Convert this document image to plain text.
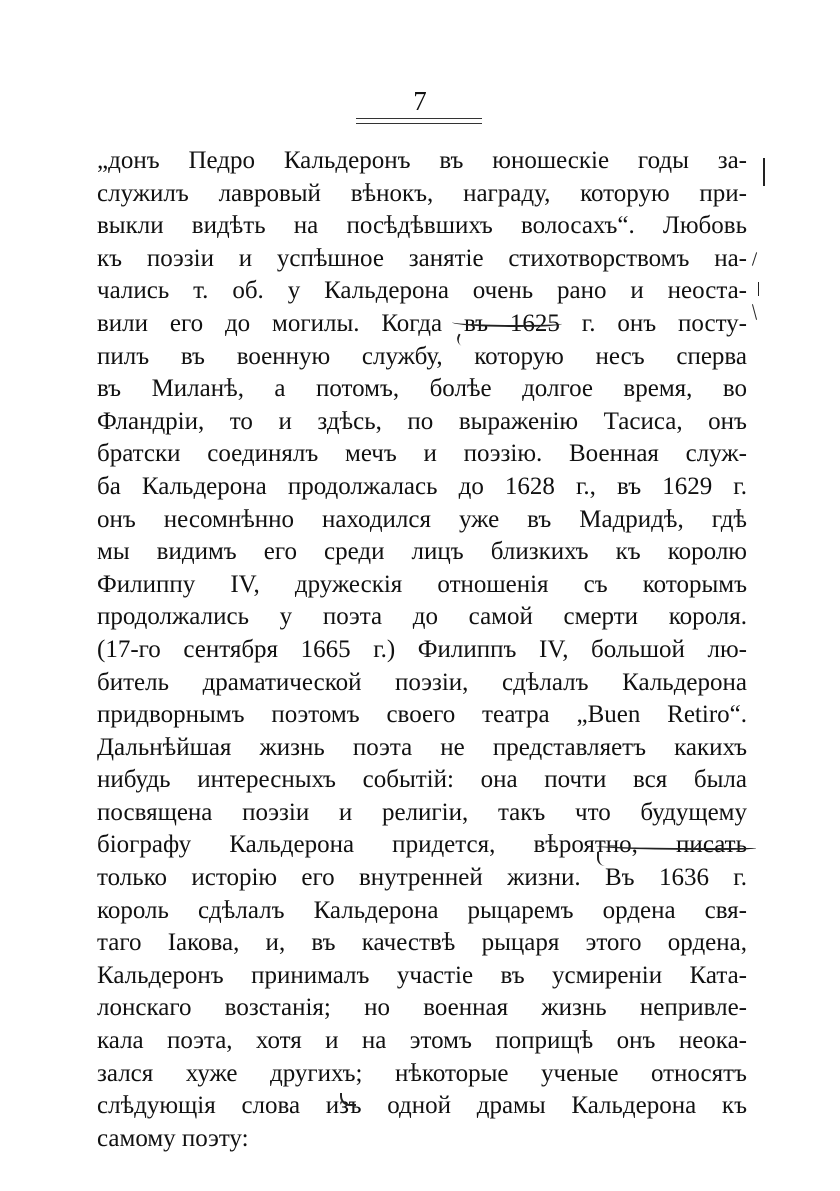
7
„донъ Педро Кальдеронъ въ юношескіе годы за-
служилъ лавровый вѣнокъ, награду, которую при-
выкли видѣть на посѣдѣвшихъ волосахъ“. Любовь
къ поэзіи и успѣшное занятіе стихотворствомъ на-
чались т. об. у Кальдерона очень рано и неоста-
вили его до могилы. Когда въ 1625 г. онъ посту-
пилъ въ военную службу, которую несъ сперва
въ Миланѣ, а потомъ, болѣе долгое время, во
Фландріи, то и здѣсь, по выраженію Тасиса, онъ
братски соединялъ мечъ и поэзію. Военная служ-
ба Кальдерона продолжалась до 1628 г., въ 1629 г.
онъ несомнѣнно находился уже въ Мадридѣ, гдѣ
мы видимъ его среди лицъ близкихъ къ королю
Филиппу IV, дружескія отношенія съ которымъ
продолжались у поэта до самой смерти короля.
(17-го сентября 1665 г.) Филиппъ IV, большой лю-
битель драматической поэзіи, сдѣлалъ Кальдерона
придворнымъ поэтомъ своего театра „Buen Retiro“.
Дальнѣйшая жизнь поэта не представляетъ какихъ
нибудь интересныхъ событій: она почти вся была
посвящена поэзіи и религіи, такъ что будущему
біографу Кальдерона придется, вѣроятно, писать
только исторію его внутренней жизни. Въ 1636 г.
король сдѣлалъ Кальдерона рыцаремъ ордена свя-
таго Іакова, и, въ качествѣ рыцаря этого ордена,
Кальдеронъ принималъ участіе въ усмиреніи Ката-
лонскаго возстанія; но военная жизнь непривле-
кала поэта, хотя и на этомъ поприщѣ онъ неока-
зался хуже другихъ; нѣкоторые ученые относятъ
слѣдующія слова изъ одной драмы Кальдерона къ
самому поэту:
